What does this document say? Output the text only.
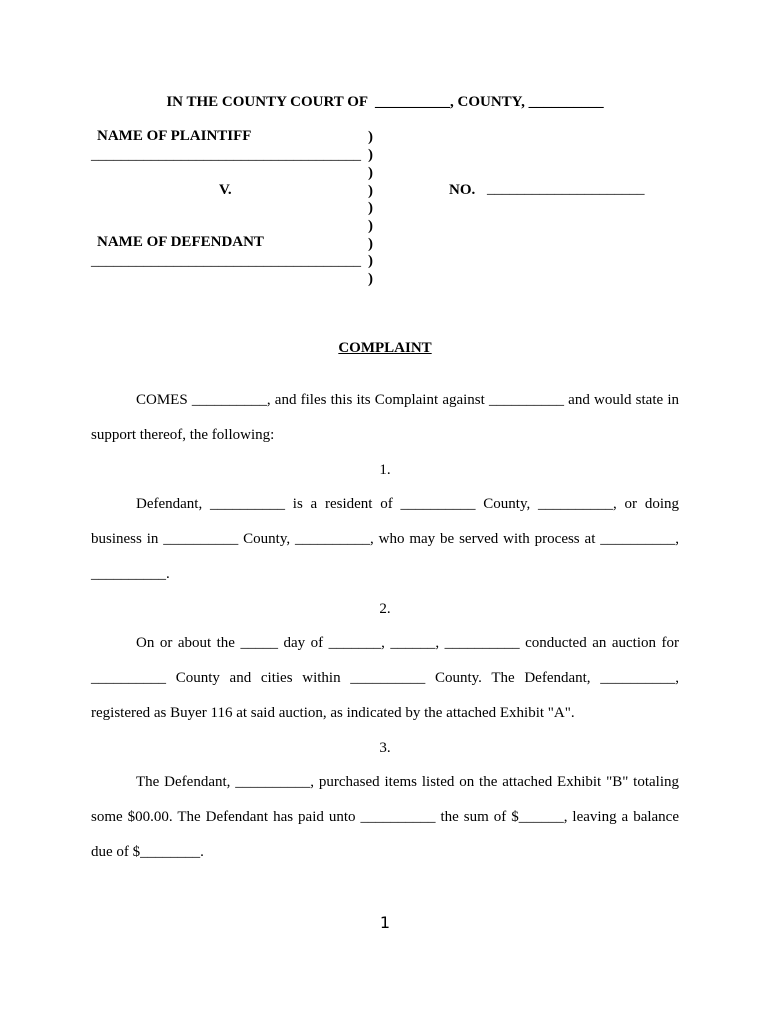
IN THE COUNTY COURT OF  __________, COUNTY, __________
NAME OF PLAINTIFF
____________________________________
V.
NAME OF DEFENDANT
____________________________________
)
)
)
)
)
)
)
)
)
NO. _____________________
COMPLAINT
COMES __________, and files this its Complaint against __________ and would state in
support thereof, the following:
1.
Defendant, __________ is a resident of __________ County, __________, or doing business in __________ County, __________, who may be served with process at __________, __________.
2.
On or about the _____ day of _______, ______, __________ conducted an auction for __________ County and cities within __________ County. The Defendant, __________, registered as Buyer 116 at said auction, as indicated by the attached Exhibit "A".
3.
The Defendant, __________, purchased items listed on the attached Exhibit "B" totaling some $00.00. The Defendant has paid unto __________ the sum of $______, leaving a balance due of $________.
1
